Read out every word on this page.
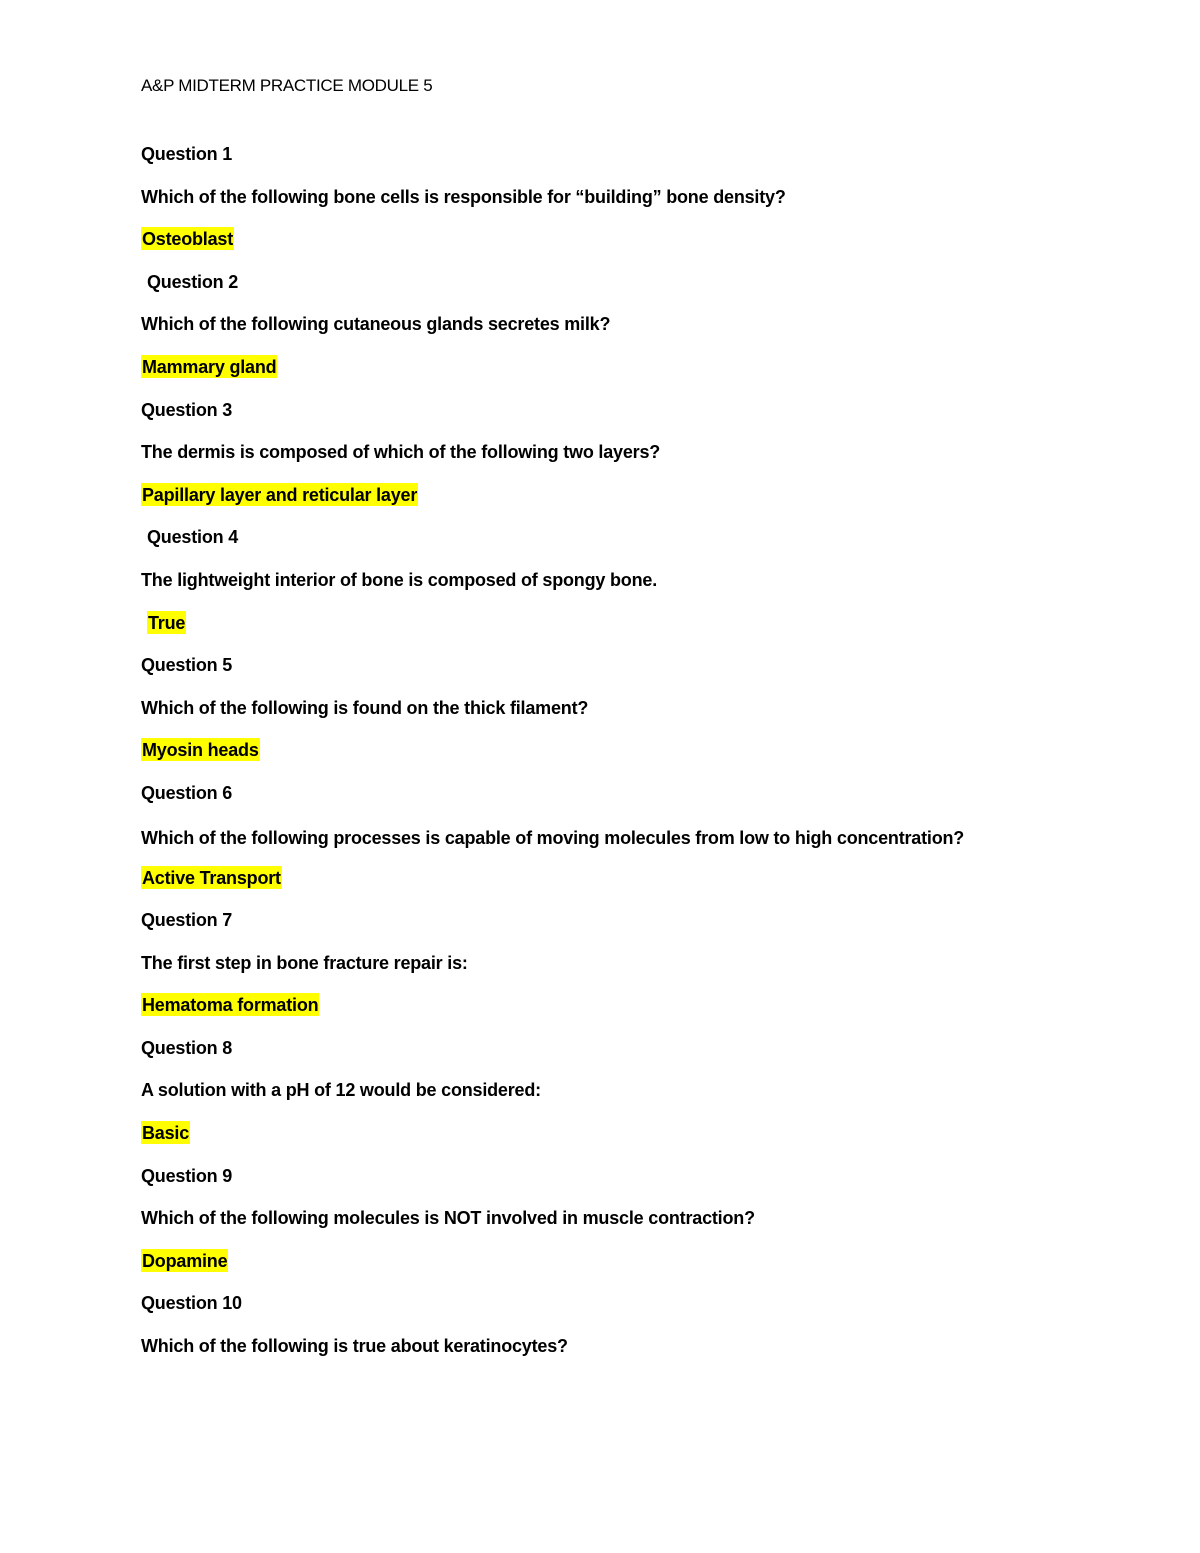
A&P MIDTERM PRACTICE MODULE 5
Question 1
Which of the following bone cells is responsible for “building” bone density?
Osteoblast
Question 2
Which of the following cutaneous glands secretes milk?
Mammary gland
Question 3
The dermis is composed of which of the following two layers?
Papillary layer and reticular layer
Question 4
The lightweight interior of bone is composed of spongy bone.
True
Question 5
Which of the following is found on the thick filament?
Myosin heads
Question 6
Which of the following processes is capable of moving molecules from low to high concentration?
Active Transport
Question 7
The first step in bone fracture repair is:
Hematoma formation
Question 8
A solution with a pH of 12 would be considered:
Basic
Question 9
Which of the following molecules is NOT involved in muscle contraction?
Dopamine
Question 10
Which of the following is true about keratinocytes?
